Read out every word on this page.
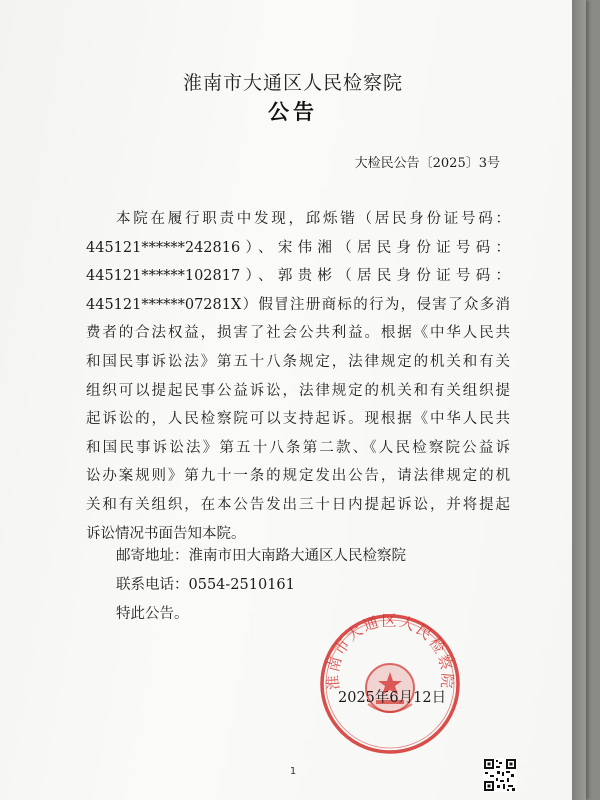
淮南市大通区人民检察院
公告
大检民公告〔2025〕3号
本院在履行职责中发现，邱烁锴（居民身份证号码：
445121******242816）、宋伟湘（居民身份证号码：
445121******102817）、郭贵彬（居民身份证号码：
445121******07281X）假冒注册商标的行为，侵害了众多消
费者的合法权益，损害了社会公共利益。根据《中华人民共
和国民事诉讼法》第五十八条规定，法律规定的机关和有关
组织可以提起民事公益诉讼，法律规定的机关和有关组织提
起诉讼的，人民检察院可以支持起诉。现根据《中华人民共
和国民事诉讼法》第五十八条第二款、《人民检察院公益诉
讼办案规则》第九十一条的规定发出公告，请法律规定的机
关和有关组织，在本公告发出三十日内提起诉讼，并将提起
诉讼情况书面告知本院。
邮寄地址：淮南市田大南路大通区人民检察院
联系电话：0554-2510161
特此公告。
淮南市大通区人民检察院
2025年6月12日
1
